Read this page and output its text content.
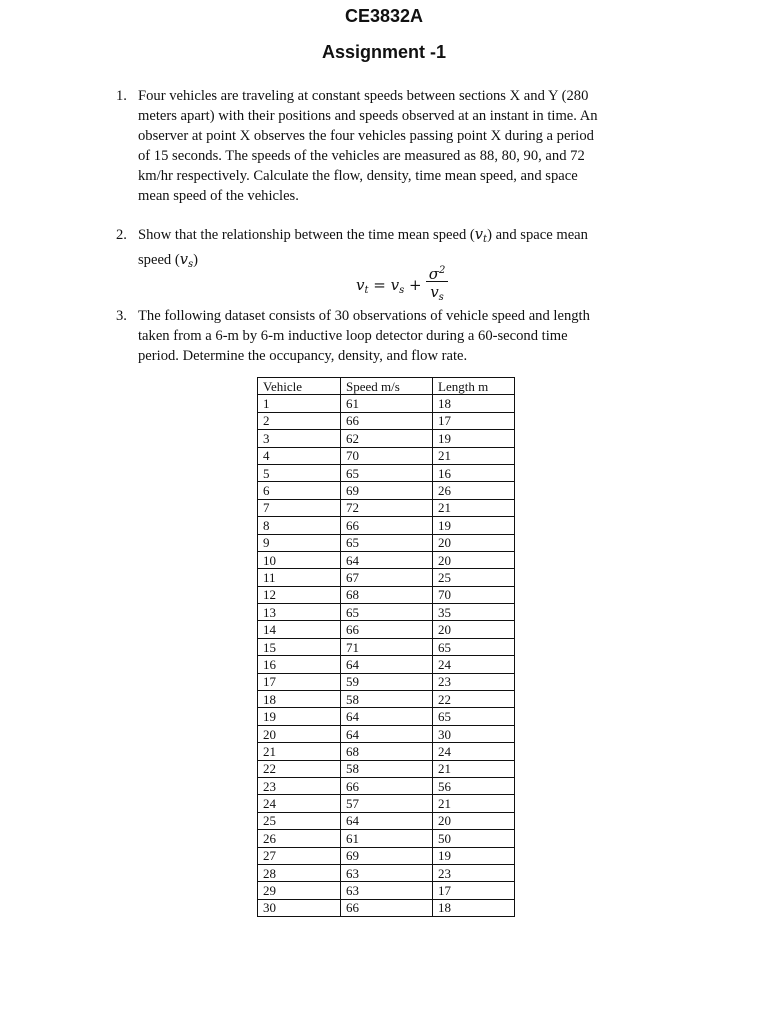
CE3832A
Assignment -1
1. Four vehicles are traveling at constant speeds between sections X and Y (280
meters apart) with their positions and speeds observed at an instant in time. An
observer at point X observes the four vehicles passing point X during a period
of 15 seconds. The speeds of the vehicles are measured as 88, 80, 90, and 72
km/hr respectively. Calculate the flow, density, time mean speed, and space
mean speed of the vehicles.
2. Show that the relationship between the time mean speed $(v_t)$ and space mean
speed $(v_s)$
$v_t = v_s$ +
$\sigma^2$
$v_s$
3. The following dataset consists of 30 observations of vehicle speed and length
taken from a 6-m by 6-m inductive loop detector during a 60-second time
period. Determine the occupancy, density, and flow rate.
Vehicle	Speed m/s	Length m
1	61	18
2	66	17
3	62	19
4	70	21
5	65	16
6	69	26
7	72	21
8	66	19
9	65	20
10	64	20
11	67	25
12	68	70
13	65	35
14	66	20
15	71	65
16	64	24
17	59	23
18	58	22
19	64	65
20	64	30
21	68	24
22	58	21
23	66	56
24	57	21
25	64	20
26	61	50
27	69	19
28	63	23
29	63	17
30	66	18
